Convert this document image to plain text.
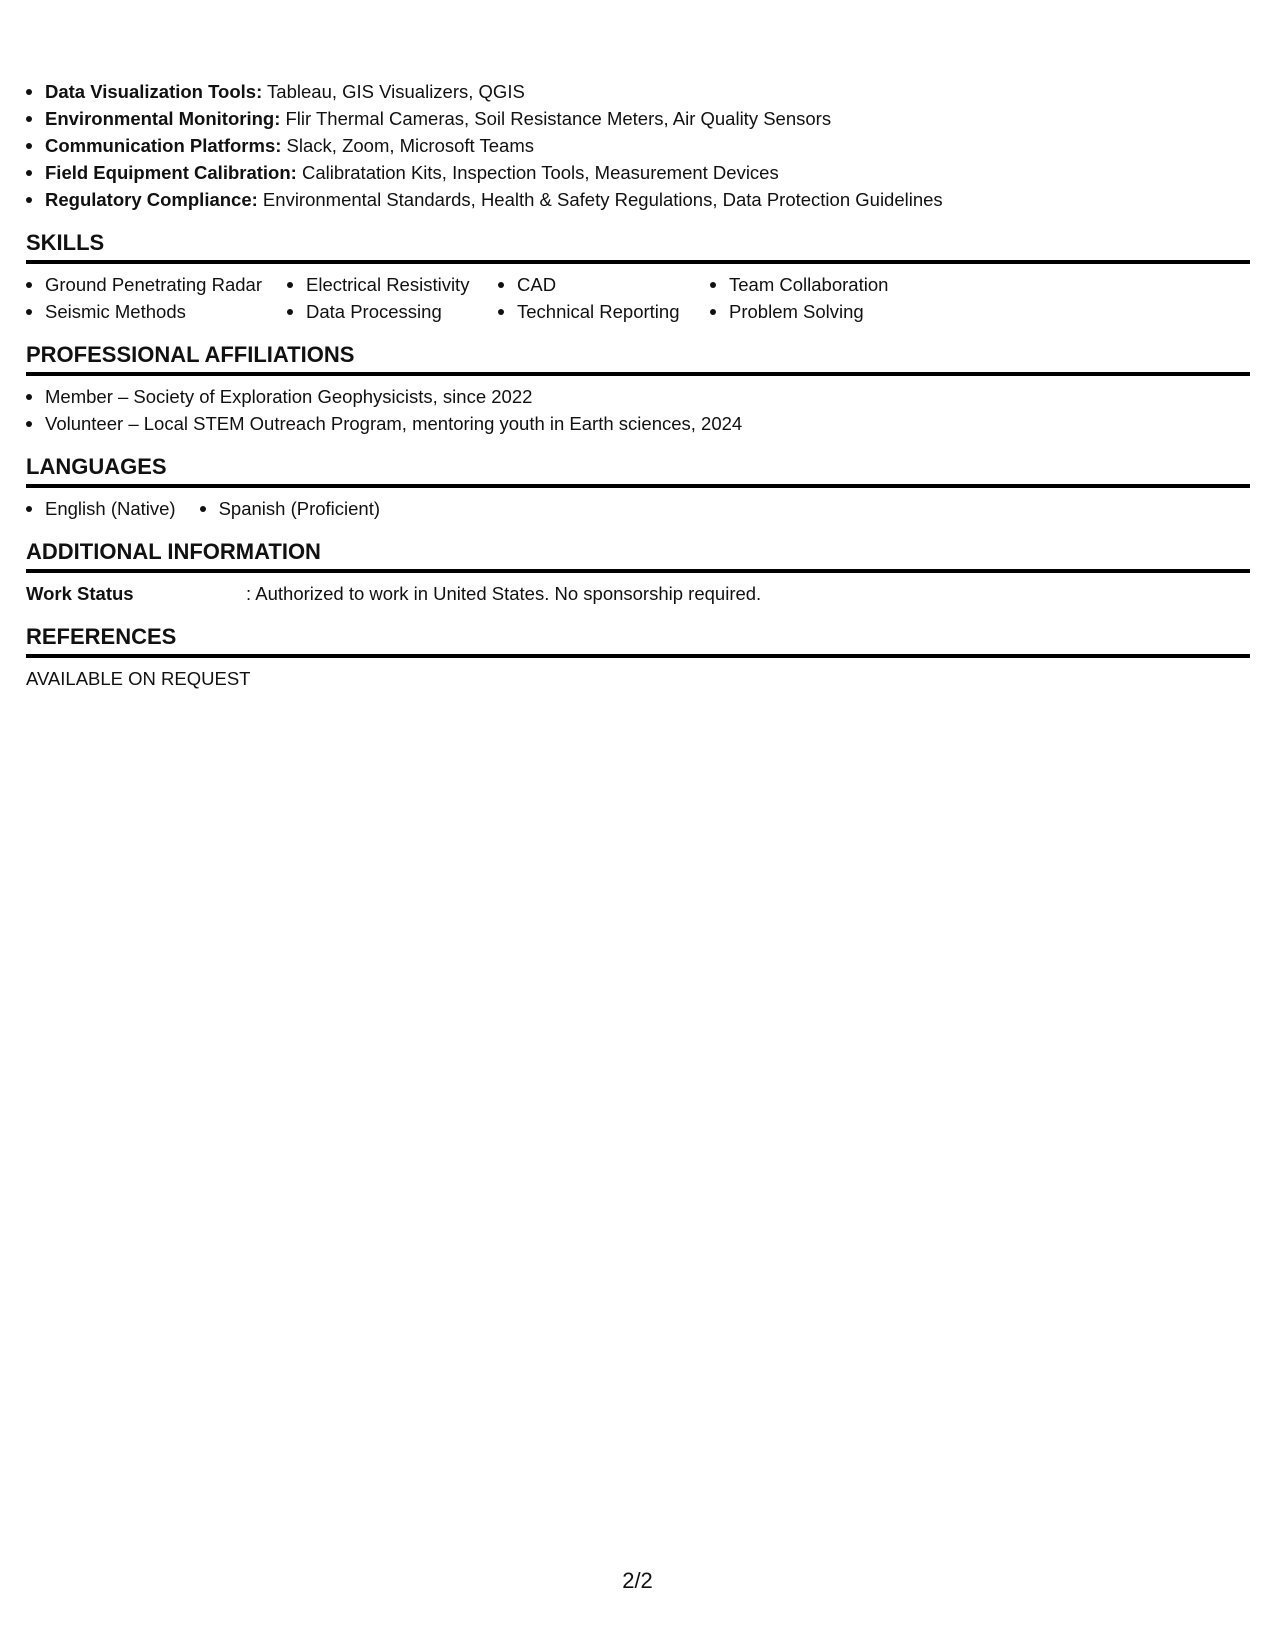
Data Visualization Tools: Tableau, GIS Visualizers, QGIS
Environmental Monitoring: Flir Thermal Cameras, Soil Resistance Meters, Air Quality Sensors
Communication Platforms: Slack, Zoom, Microsoft Teams
Field Equipment Calibration: Calibratation Kits, Inspection Tools, Measurement Devices
Regulatory Compliance: Environmental Standards, Health & Safety Regulations, Data Protection Guidelines
SKILLS
Ground Penetrating Radar
Seismic Methods
Electrical Resistivity
Data Processing
CAD
Technical Reporting
Team Collaboration
Problem Solving
PROFESSIONAL AFFILIATIONS
Member – Society of Exploration Geophysicists, since 2022
Volunteer – Local STEM Outreach Program, mentoring youth in Earth sciences, 2024
LANGUAGES
English (Native)	Spanish (Proficient)
ADDITIONAL INFORMATION
Work Status	: Authorized to work in United States. No sponsorship required.
REFERENCES
AVAILABLE ON REQUEST
2/2
